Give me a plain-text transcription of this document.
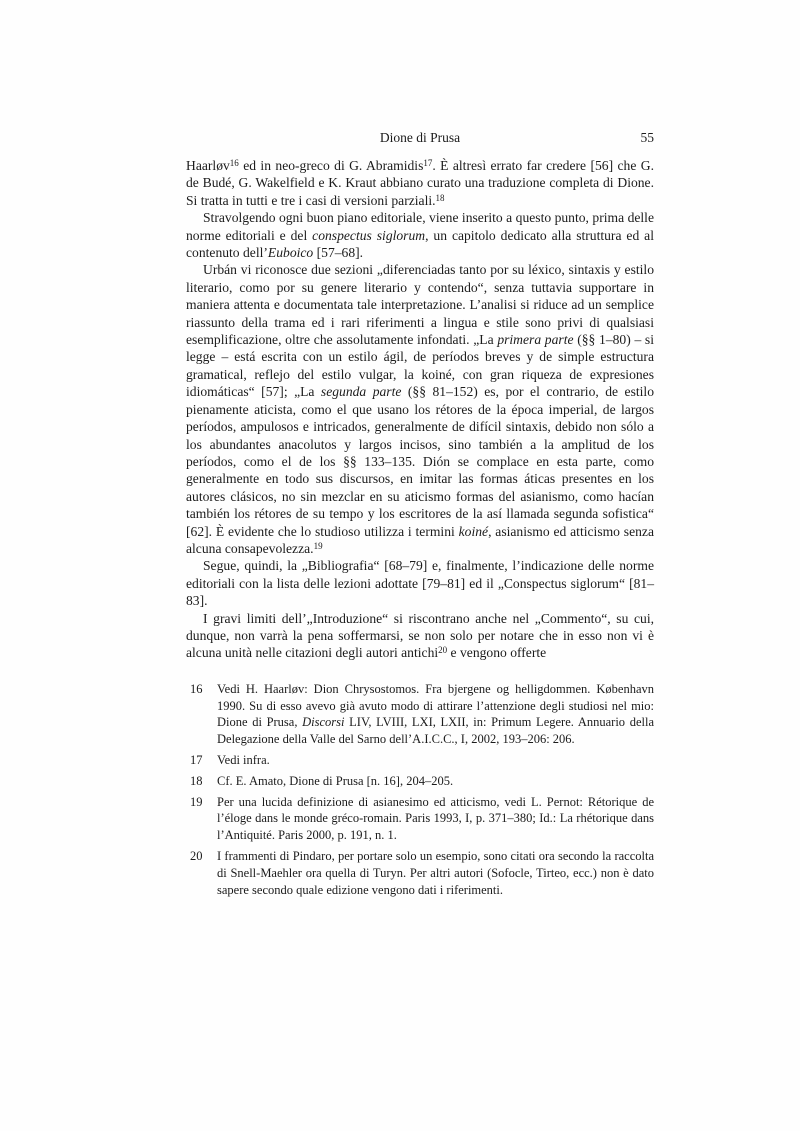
Dione di Prusa	55
Haarløv$^{16}$ ed in neo-greco di G. Abramidis$^{17}$. È altresì errato far credere [56] che G. de Budé, G. Wakelfield e K. Kraut abbiano curato una traduzione completa di Dione. Si tratta in tutti e tre i casi di versioni parziali.$^{18}$
Stravolgendo ogni buon piano editoriale, viene inserito a questo punto, prima delle norme editoriali e del conspectus siglorum, un capitolo dedicato alla struttura ed al contenuto dell’Euboico [57–68].
Urbán vi riconosce due sezioni „diferenciadas tanto por su léxico, sintaxis y estilo literario, como por su genere literario y contendo“, senza tuttavia supportare in maniera attenta e documentata tale interpretazione. L’analisi si riduce ad un semplice riassunto della trama ed i rari riferimenti a lingua e stile sono privi di qualsiasi esemplificazione, oltre che assolutamente infondati. „La primera parte (§§ 1–80) – si legge – está escrita con un estilo ágil, de períodos breves y de simple estructura gramatical, reflejo del estilo vulgar, la koiné, con gran riqueza de expresiones idiomáticas“ [57]; „La segunda parte (§§ 81–152) es, por el contrario, de estilo pienamente aticista, como el que usano los rétores de la época imperial, de largos períodos, ampulosos e intricados, generalmente de difícil sintaxis, debido non sólo a los abundantes anacolutos y largos incisos, sino también a la amplitud de los períodos, como el de los §§ 133–135. Dión se complace en esta parte, como generalmente en todo sus discursos, en imitar las formas áticas presentes en los autores clásicos, no sin mezclar en su aticismo formas del asianismo, como hacían también los rétores de su tempo y los escritores de la así llamada segunda sofistica“ [62]. È evidente che lo studioso utilizza i termini koiné, asianismo ed atticismo senza alcuna consapevolezza.$^{19}$
Segue, quindi, la „Bibliografia“ [68–79] e, finalmente, l’indicazione delle norme editoriali con la lista delle lezioni adottate [79–81] ed il „Conspectus siglorum“ [81–83].
I gravi limiti dell’„Introduzione“ si riscontrano anche nel „Commento“, su cui, dunque, non varrà la pena soffermarsi, se non solo per notare che in esso non vi è alcuna unità nelle citazioni degli autori antichi$^{20}$ e vengono offerte
16	Vedi H. Haarløv: Dion Chrysostomos. Fra bjergene og helligdommen. København 1990. Su di esso avevo già avuto modo di attirare l’attenzione degli studiosi nel mio: Dione di Prusa, Discorsi LIV, LVIII, LXI, LXII, in: Primum Legere. Annuario della Delegazione della Valle del Sarno dell’A.I.C.C., I, 2002, 193–206: 206.
17	Vedi infra.
18	Cf. E. Amato, Dione di Prusa [n. 16], 204–205.
19	Per una lucida definizione di asianesimo ed atticismo, vedi L. Pernot: Rétorique de l’éloge dans le monde gréco-romain. Paris 1993, I, p. 371–380; Id.: La rhétorique dans l’Antiquité. Paris 2000, p. 191, n. 1.
20	I frammenti di Pindaro, per portare solo un esempio, sono citati ora secondo la raccolta di Snell-Maehler ora quella di Turyn. Per altri autori (Sofocle, Tirteo, ecc.) non è dato sapere secondo quale edizione vengono dati i riferimenti.
